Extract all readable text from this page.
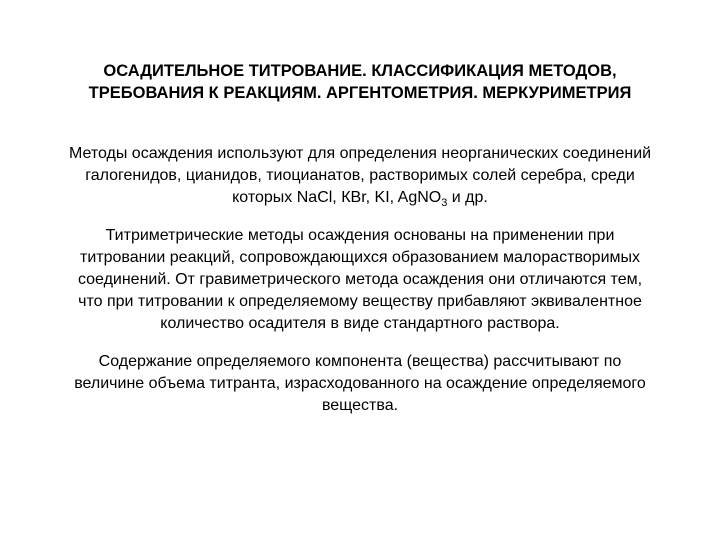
ОСАДИТЕЛЬНОЕ ТИТРОВАНИЕ. КЛАССИФИКАЦИЯ МЕТОДОВ,
ТРЕБОВАНИЯ К РЕАКЦИЯМ. АРГЕНТОМЕТРИЯ. МЕРКУРИМЕТРИЯ
Методы осаждения используют для определения неорганических соединений
галогенидов, цианидов, тиоцианатов, растворимых солей серебра, среди
которых NaCl, КВr, KI, AgNO$_3$ и др.
Титриметрические методы осаждения основаны на применении при
титровании реакций, сопровождающихся образованием малорастворимых
соединений. От гравиметрического метода осаждения они отличаются тем,
что при титровании к определяемому веществу прибавляют эквивалентное
количество осадителя в виде стандартного раствора.
Содержание определяемого компонента (вещества) рассчитывают по
величине объема титранта, израсходованного на осаждение определяемого
вещества.
